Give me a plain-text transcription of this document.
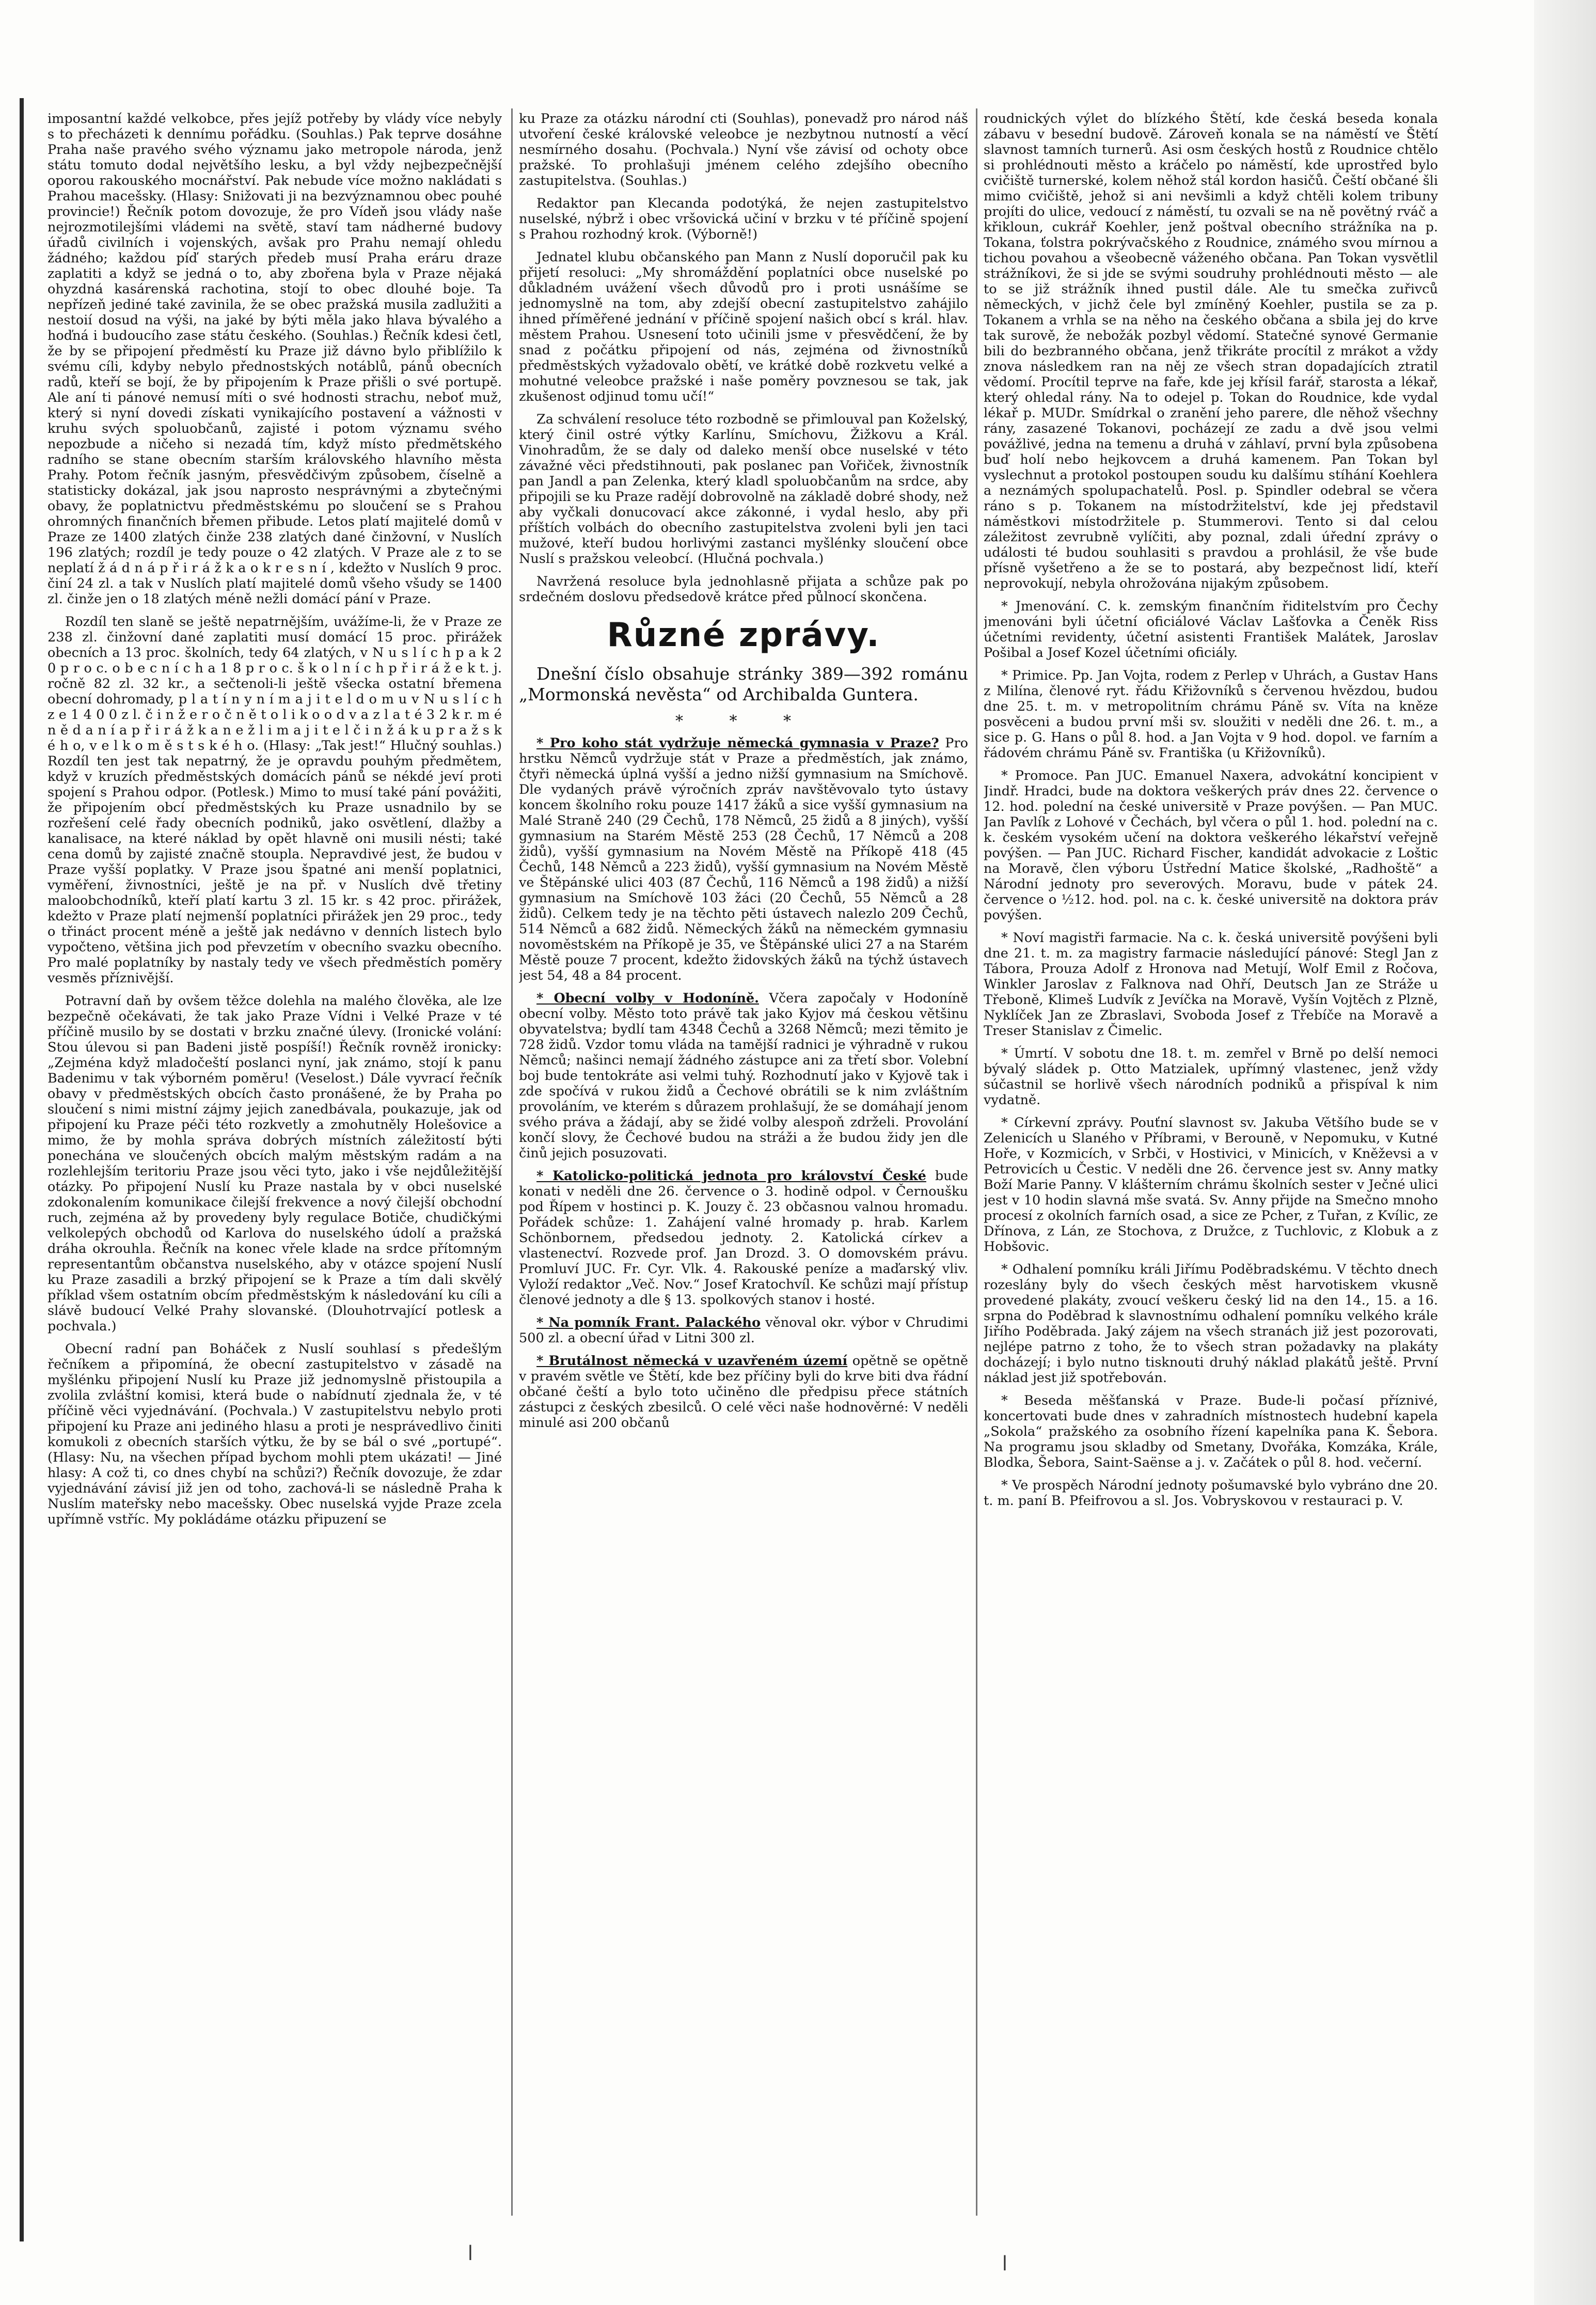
imposantní každé velkobce, přes jejíž potřeby by vlády více nebyly s to přecházeti k dennímu pořádku. (Souhlas.) Pak teprve dosáhne Praha naše pravého svého významu jako metropole národa, jenž státu tomuto dodal největšího lesku, a byl vždy nejbezpečnější oporou rakouského mocnářství. Pak nebude více možno nakládati s Prahou macešsky. (Hlasy: Snižovati ji na bezvýznamnou obec pouhé provincie!) Řečník potom dovozuje, že pro Vídeň jsou vlády naše nejrozmotilejšími vládemi na světě, staví tam nádherné budovy úřadů civilních i vojenských, avšak pro Prahu nemají ohledu žádného; každou píď starých předeb musí Praha eráru draze zaplatiti a když se jedná o to, aby zbořena byla v Praze nějaká ohyzdná kasárenská rachotina, stojí to obec dlouhé boje. Ta nepřízeň jediné také zavinila, že se obec pražská musila zadlužiti a nestoií dosud na výši, na jaké by býti měla jako hlava bývalého a hoďná i budoucího zase státu českého. (Souhlas.) Řečník kdesi četl, že by se připojení předměstí ku Praze již dávno bylo přiblížilo k svému cíli, kdyby nebylo přednostských notáblů, pánů obecních radů, kteří se bojí, že by připojením k Praze přišli o své portupě. Ale aní ti pánové nemusí míti o své hodnosti strachu, neboť muž, který si nyní dovedi získati vynikajícího postavení a vážnosti v kruhu svých spoluobčanů, zajisté i potom významu svého nepozbude a ničeho si nezadá tím, když místo předmětského radního se stane obecním starším královského hlavního města Prahy. Potom řečník jasným, přesvědčivým způsobem, číselně a statisticky dokázal, jak jsou naprosto nesprávnými a zbytečnými obavy, že poplatnictvu předměstskému po sloučení se s Prahou ohromných finančních břemen přibude. Letos platí majitelé domů v Praze ze 1400 zlatých činže 238 zlatých dané činžovní, v Nuslích 196 zlatých; rozdíl je tedy pouze o 42 zlatých. V Praze ale z to se neplatí ž á d n á p ř i r á ž k a o k r e s n í , kdežto v Nuslích 9 proc. činí 24 zl. a tak v Nuslích platí majitelé domů všeho všudy se 1400 zl. činže jen o 18 zlatých méně nežli domácí pání v Praze.

Rozdíl ten slaně se ještě nepatrnějším, uvážíme-li, že v Praze ze 238 zl. činžovní dané zaplatiti musí domácí 15 proc. přirážek obecních a 13 proc. školních, tedy 64 zlatých, v N u s l í c h p a k 2 0 p r o c. o b e c n í c h a 1 8 p r o c. š k o l n í c h p ř i r á ž e k t. j. ročně 82 zl. 32 kr., a sečtenoli-li ještě všecka ostatní břemena obecní dohromady, p l a t í n y n í m a j i t e l d o m u v N u s l í c h z e 1 4 0 0 z l. č i n ž e r o č n ě t o l i k o o d v a z l a t é 3 2 k r. m é n ě d a n í a p ř i r á ž k a n e ž l i m a j i t e l č i n ž á k u p r a ž s k é h o, v e l k o m ě s t s k é h o. (Hlasy: „Tak jest!“ Hlučný souhlas.) Rozdíl ten jest tak nepatrný, že je opravdu pouhým předmětem, když v kruzích předměstských domácích pánů se nékdé jeví proti spojení s Prahou odpor. (Potlesk.) Mimo to musí také pání povážiti, že připojením obcí předměstských ku Praze usnadnilo by se rozřešení celé řady obecních podniků, jako osvětlení, dlažby a kanalisace, na které náklad by opět hlavně oni musili nésti; také cena domů by zajisté značně stoupla. Nepravdivé jest, že budou v Praze vyšší poplatky. V Praze jsou špatné ani menší poplatnici, vyměření, živnostníci, ještě je na př. v Nuslích dvě třetiny maloobchodníků, kteří platí kartu 3 zl. 15 kr. s 42 proc. přirážek, kdežto v Praze platí nejmenší poplatníci přirážek jen 29 proc., tedy o třináct procent méně a ještě jak nedávno v denních listech bylo vypočteno, většina jich pod převzetím v obecního svazku obecního. Pro malé poplatníky by nastaly tedy ve všech předměstích poměry vesměs příznivější.

Potravní daň by ovšem těžce dolehla na malého člověka, ale lze bezpečně očekávati, že tak jako Praze Vídni i Velké Praze v té příčině musilo by se dostati v brzku značné úlevy. (Ironické volání: Stou úlevou si pan Badeni jistě pospíší!) Řečník rovněž ironicky: „Zejména když mladočeští poslanci nyní, jak známo, stojí k panu Badenimu v tak výborném poměru! (Veselost.) Dále vyvrací řečník obavy v předměstských obcích často pronášené, že by Praha po sloučení s nimi mistní zájmy jejich zanedbávala, poukazuje, jak od připojení ku Praze péči této rozkvetly a zmohutněly Holešovice a mimo, že by mohla správa dobrých místních záležitostí býti ponechána ve sloučených obcích malým městským radám a na rozlehlejším teritoriu Praze jsou věci tyto, jako i vše nejdůležitější otázky. Po připojení Nuslí ku Praze nastala by v obci nuselské zdokonalením komunikace čilejší frekvence a nový čilejší obchodní ruch, zejména až by provedeny byly regulace Botiče, chudičkými velkolepých obchodů od Karlova do nuselského údolí a pražská dráha okrouhla. Řečník na konec vřele klade na srdce přítomným representantům občanstva nuselského, aby v otázce spojení Nuslí ku Praze zasadili a brzký připojení se k Praze a tím dali skvělý příklad všem ostatním obcím předměstským k následování ku cíli a slávě budoucí Velké Prahy slovanské. (Dlouhotrvající potlesk a pochvala.)

Obecní radní pan Boháček z Nuslí souhlasí s předešlým řečníkem a připomíná, že obecní zastupitelstvo v zásadě na myšlénku připojení Nuslí ku Praze již jednomyslně přistoupila a zvolila zvláštní komisi, která bude o nabídnutí zjednala že, v té příčině věci vyjednávání. (Pochvala.) V zastupitelstvu nebylo proti připojení ku Praze ani jediného hlasu a proti je nesprávedlivo činiti komukoli z obecních starších výtku, že by se bál o své „portupé“. (Hlasy: Nu, na všechen případ bychom mohli ptem ukázati! — Jiné hlasy: A což ti, co dnes chybí na schůzi?) Řečník dovozuje, že zdar vyjednávání závisí již jen od toho, zachová-li se následně Praha k Nuslím mateřsky nebo macešsky. Obec nuselská vyjde Praze zcela upřímně vstříc. My pokládáme otázku připuzení se

ku Praze za otázku národní cti (Souhlas), ponevadž pro národ náš utvoření české královské veleobce je nezbytnou nutností a věcí nesmírného dosahu. (Pochvala.) Nyní vše závisí od ochoty obce pražské. To prohlašuji jménem celého zdejšího obecního zastupitelstva. (Souhlas.)

Redaktor pan Klecanda podotýká, že nejen zastupitelstvo nuselské, nýbrž i obec vršovická učiní v brzku v té příčině spojení s Prahou rozhodný krok. (Výborně!)

Jednatel klubu občanského pan Mann z Nuslí doporučil pak ku přijetí resoluci: „My shromáždění poplatníci obce nuselské po důkladném uvážení všech důvodů pro i proti usnášíme se jednomyslně na tom, aby zdejší obecní zastupitelstvo zahájilo ihned příměřené jednání v příčině spojení našich obcí s král. hlav. městem Prahou. Usnesení toto učinili jsme v přesvědčení, že by snad z počátku připojení od nás, zejména od živnostníků předměstských vyžadovalo obětí, ve krátké době rozkvetu velké a mohutné veleobce pražské i naše poměry povznesou se tak, jak zkušenost odjinud tomu učí!“

Za schválení resoluce této rozbodně se přimlouval pan Koželský, který činil ostré výtky Karlínu, Smíchovu, Žižkovu a Král. Vinohradům, že se daly od daleko menší obce nuselské v této závažné věci předstihnouti, pak poslanec pan Vořiček, živnostník pan Jandl a pan Zelenka, který kladl spoluobčanům na srdce, aby připojili se ku Praze radějí dobrovolně na základě dobré shody, než aby vyčkali donucovací akce zákonné, i vydal heslo, aby při příštích volbách do obecního zastupitelstva zvoleni byli jen taci mužové, kteří budou horlivými zastanci myšlénky sloučení obce Nuslí s pražskou veleobcí. (Hlučná pochvala.)

Navržená resoluce byla jednohlasně přijata a schůze pak po srdečném doslovu předsedově krátce před půlnocí skončena.

Různé zprávy.

Dnešní číslo obsahuje stránky 389—392 románu „Mormonská nevěsta“ od Archibalda Guntera.

* * *

* Pro koho stát vydržuje německá gymnasia v Praze? Pro hrstku Němců vydržuje stát v Praze a předměstích, jak známo, čtyři německá úplná vyšší a jedno nižší gymnasium na Smíchově. Dle vydaných právě výročních zpráv navštěvovalo tyto ústavy koncem školního roku pouze 1417 žáků a sice vyšší gymnasium na Malé Straně 240 (29 Čechů, 178 Němců, 25 židů a 8 jiných), vyšší gymnasium na Starém Městě 253 (28 Čechů, 17 Němců a 208 židů), vyšší gymnasium na Novém Městě na Příkopě 418 (45 Čechů, 148 Němců a 223 židů), vyšší gymnasium na Novém Městě ve Štěpánské ulici 403 (87 Čechů, 116 Němců a 198 židů) a nižší gymnasium na Smíchově 103 žáci (20 Čechů, 55 Němců a 28 židů). Celkem tedy je na těchto pěti ústavech nalezlo 209 Čechů, 514 Němců a 682 židů. Německých žáků na německém gymnasiu novoměstském na Příkopě je 35, ve Štěpánské ulici 27 a na Starém Městě pouze 7 procent, kdežto židovských žáků na týchž ústavech jest 54, 48 a 84 procent.

* Obecní volby v Hodoníně. Včera započaly v Hodoníně obecní volby. Město toto právě tak jako Kyjov má českou většinu obyvatelstva; bydlí tam 4348 Čechů a 3268 Němců; mezi těmito je 728 židů. Vzdor tomu vláda na tamější radnici je výhradně v rukou Němců; našinci nemají žádného zástupce ani za třetí sbor. Volební boj bude tentokráte asi velmi tuhý. Rozhodnutí jako v Kyjově tak i zde spočívá v rukou židů a Čechové obrátili se k nim zvláštním provoláním, ve kterém s důrazem prohlašují, že se domáhají jenom svého práva a žádají, aby se židé volby alespoň zdrželi. Provolání končí slovy, že Čechové budou na stráži a že budou židy jen dle činů jejich posuzovati.

* Katolicko-politická jednota pro království České bude konati v neděli dne 26. července o 3. hodině odpol. v Černoušku pod Řípem v hostinci p. K. Jouzy č. 23 občasnou valnou hromadu. Pořádek schůze: 1. Zahájení valné hromady p. hrab. Karlem Schönbornem, předsedou jednoty. 2. Katolická církev a vlastenectví. Rozvede prof. Jan Drozd. 3. O domovském právu. Promluví JUC. Fr. Cyr. Vlk. 4. Rakouské peníze a maďarský vliv. Vyloží redaktor „Več. Nov.“ Josef Kratochvíl. Ke schůzi mají přístup členové jednoty a dle § 13. spolkových stanov i hosté.

* Na pomník Frant. Palackého věnoval okr. výbor v Chrudimi 500 zl. a obecní úřad v Litni 300 zl.

* Brutálnost německá v uzavřeném území opětně se opětně v pravém světle ve Štětí, kde bez příčiny byli do krve biti dva řádní občané čeští a bylo toto učiněno dle předpisu přece státních zástupci z českých zbesilců. O celé věci naše hodnověrné: V neděli minulé asi 200 občanů

roudnických výlet do blízkého Štětí, kde česká beseda konala zábavu v besední budově. Zároveň konala se na náměstí ve Štětí slavnost tamních turnerů. Asi osm českých hostů z Roudnice chtělo si prohlédnouti město a kráčelo po náměstí, kde uprostřed bylo cvičiště turnerské, kolem něhož stál kordon hasičů. Čeští občané šli mimo cvičiště, jehož si ani nevšimli a když chtěli kolem tribuny projíti do ulice, vedoucí z náměstí, tu ozvali se na ně povětný rváč a křikloun, cukrář Koehler, jenž poštval obecního strážníka na p. Tokana, ťolstra pokrývačského z Roudnice, známého svou mírnou a tichou povahou a všeobecně váženého občana. Pan Tokan vysvětlil strážníkovi, že si jde se svými soudruhy prohlédnouti město — ale to se již strážník ihned pustil dále. Ale tu smečka zuřivců německých, v jichž čele byl zmíněný Koehler, pustila se za p. Tokanem a vrhla se na něho na českého občana a sbila jej do krve tak surově, že nebožák pozbyl vědomí. Statečné synové Germanie bili do bezbranného občana, jenž třikráte procítil z mrákot a vždy znova následkem ran na něj ze všech stran dopadajících ztratil vědomí. Procítil teprve na faře, kde jej křísil farář, starosta a lékař, který ohledal rány. Na to odejel p. Tokan do Roudnice, kde vydal lékař p. MUDr. Smídrkal o zranění jeho parere, dle něhož všechny rány, zasazené Tokanovi, pocházejí ze zadu a dvě jsou velmi povážlivé, jedna na temenu a druhá v záhlaví, první byla způsobena buď holí nebo hejkovcem a druhá kamenem. Pan Tokan byl vyslechnut a protokol postoupen soudu ku dalšímu stíhání Koehlera a neznámých spolupachatelů. Posl. p. Spindler odebral se včera ráno s p. Tokanem na místodržitelství, kde jej představil náměstkovi místodržitele p. Stummerovi. Tento si dal celou záležitost zevrubně vylíčiti, aby poznal, zdali úřední zprávy o události té budou souhlasiti s pravdou a prohlásil, že vše bude přísně vyšetřeno a že se to postará, aby bezpečnost lidí, kteří neprovokují, nebyla ohrožována nijakým způsobem.

* Jmenování. C. k. zemským finančním řiditelstvím pro Čechy jmenováni byli účetní oficiálové Václav Lašťovka a Čeněk Riss účetními revidenty, účetní asistenti František Malátek, Jaroslav Pošibal a Josef Kozel účetními oficiály.

* Primice. Pp. Jan Vojta, rodem z Perlep v Uhrách, a Gustav Hans z Milína, členové ryt. řádu Křižovníků s červenou hvězdou, budou dne 25. t. m. v metropolitním chrámu Páně sv. Víta na kněze posvěceni a budou první mši sv. sloužiti v neděli dne 26. t. m., a sice p. G. Hans o půl 8. hod. a Jan Vojta v 9 hod. dopol. ve farním a řádovém chrámu Páně sv. Františka (u Křižovníků).

* Promoce. Pan JUC. Emanuel Naxera, advokátní koncipient v Jindř. Hradci, bude na doktora veškerých práv dnes 22. července o 12. hod. polední na české universitě v Praze povýšen. — Pan MUC. Jan Pavlík z Lohové v Čechách, byl včera o půl 1. hod. polední na c. k. českém vysokém učení na doktora veškerého lékařství veřejně povýšen. — Pan JUC. Richard Fischer, kandidát advokacie z Loštic na Moravě, člen výboru Ústřední Matice školské, „Radhoště“ a Národní jednoty pro severových. Moravu, bude v pátek 24. července o ½12. hod. pol. na c. k. české universitě na doktora práv povýšen.

* Noví magistři farmacie. Na c. k. česká universitě povýšeni byli dne 21. t. m. za magistry farmacie následující pánové: Stegl Jan z Tábora, Prouza Adolf z Hronova nad Metují, Wolf Emil z Ročova, Winkler Jaroslav z Falknova nad Ohří, Deutsch Jan ze Stráže u Třeboně, Klimeš Ludvík z Jevíčka na Moravě, Vyšín Vojtěch z Plzně, Nyklíček Jan ze Zbraslavi, Svoboda Josef z Třebíče na Moravě a Treser Stanislav z Čimelic.

* Úmrtí. V sobotu dne 18. t. m. zemřel v Brně po delší nemoci bývalý sládek p. Otto Matzialek, upřímný vlastenec, jenž vždy súčastnil se horlivě všech národních podniků a přispíval k nim vydatně.

* Církevní zprávy. Pouťní slavnost sv. Jakuba Většího bude se v Zelenicích u Slaného v Příbrami, v Berouně, v Nepomuku, v Kutné Hoře, v Kozmicích, v Srbči, v Hostivici, v Minicích, v Kněževsi a v Petrovicích u Čestic. V neděli dne 26. července jest sv. Anny matky Boží Marie Panny. V klášterním chrámu školních sester v Ječné ulici jest v 10 hodin slavná mše svatá. Sv. Anny přijde na Smečno mnoho procesí z okolních farních osad, a sice ze Pcher, z Tuřan, z Kvílic, ze Dřínova, z Lán, ze Stochova, z Družce, z Tuchlovic, z Klobuk a z Hobšovic.

* Odhalení pomníku králi Jiřímu Poděbradskému. V těchto dnech rozeslány byly do všech českých měst harvotiskem vkusně provedené plakáty, zvoucí veškeru český lid na den 14., 15. a 16. srpna do Poděbrad k slavnostnímu odhalení pomníku velkého krále Jiřího Poděbrada. Jaký zájem na všech stranách již jest pozorovati, nejlépe patrno z toho, že to všech stran požadavky na plakáty docházejí; i bylo nutno tisknouti druhý náklad plakátů ještě. První náklad jest již spotřebován.

* Beseda měšťanská v Praze. Bude-li počasí příznivé, koncertovati bude dnes v zahradních místnostech hudební kapela „Sokola“ pražského za osobního řízení kapelníka pana K. Šebora. Na programu jsou skladby od Smetany, Dvořáka, Komzáka, Krále, Blodka, Šebora, Saint-Saënse a j. v. Začátek o půl 8. hod. večerní.

* Ve prospěch Národní jednoty pošumavské bylo vybráno dne 20. t. m. paní B. Pfeifrovou a sl. Jos. Vobryskovou v restauraci p. V.

ǀ	ǀ
